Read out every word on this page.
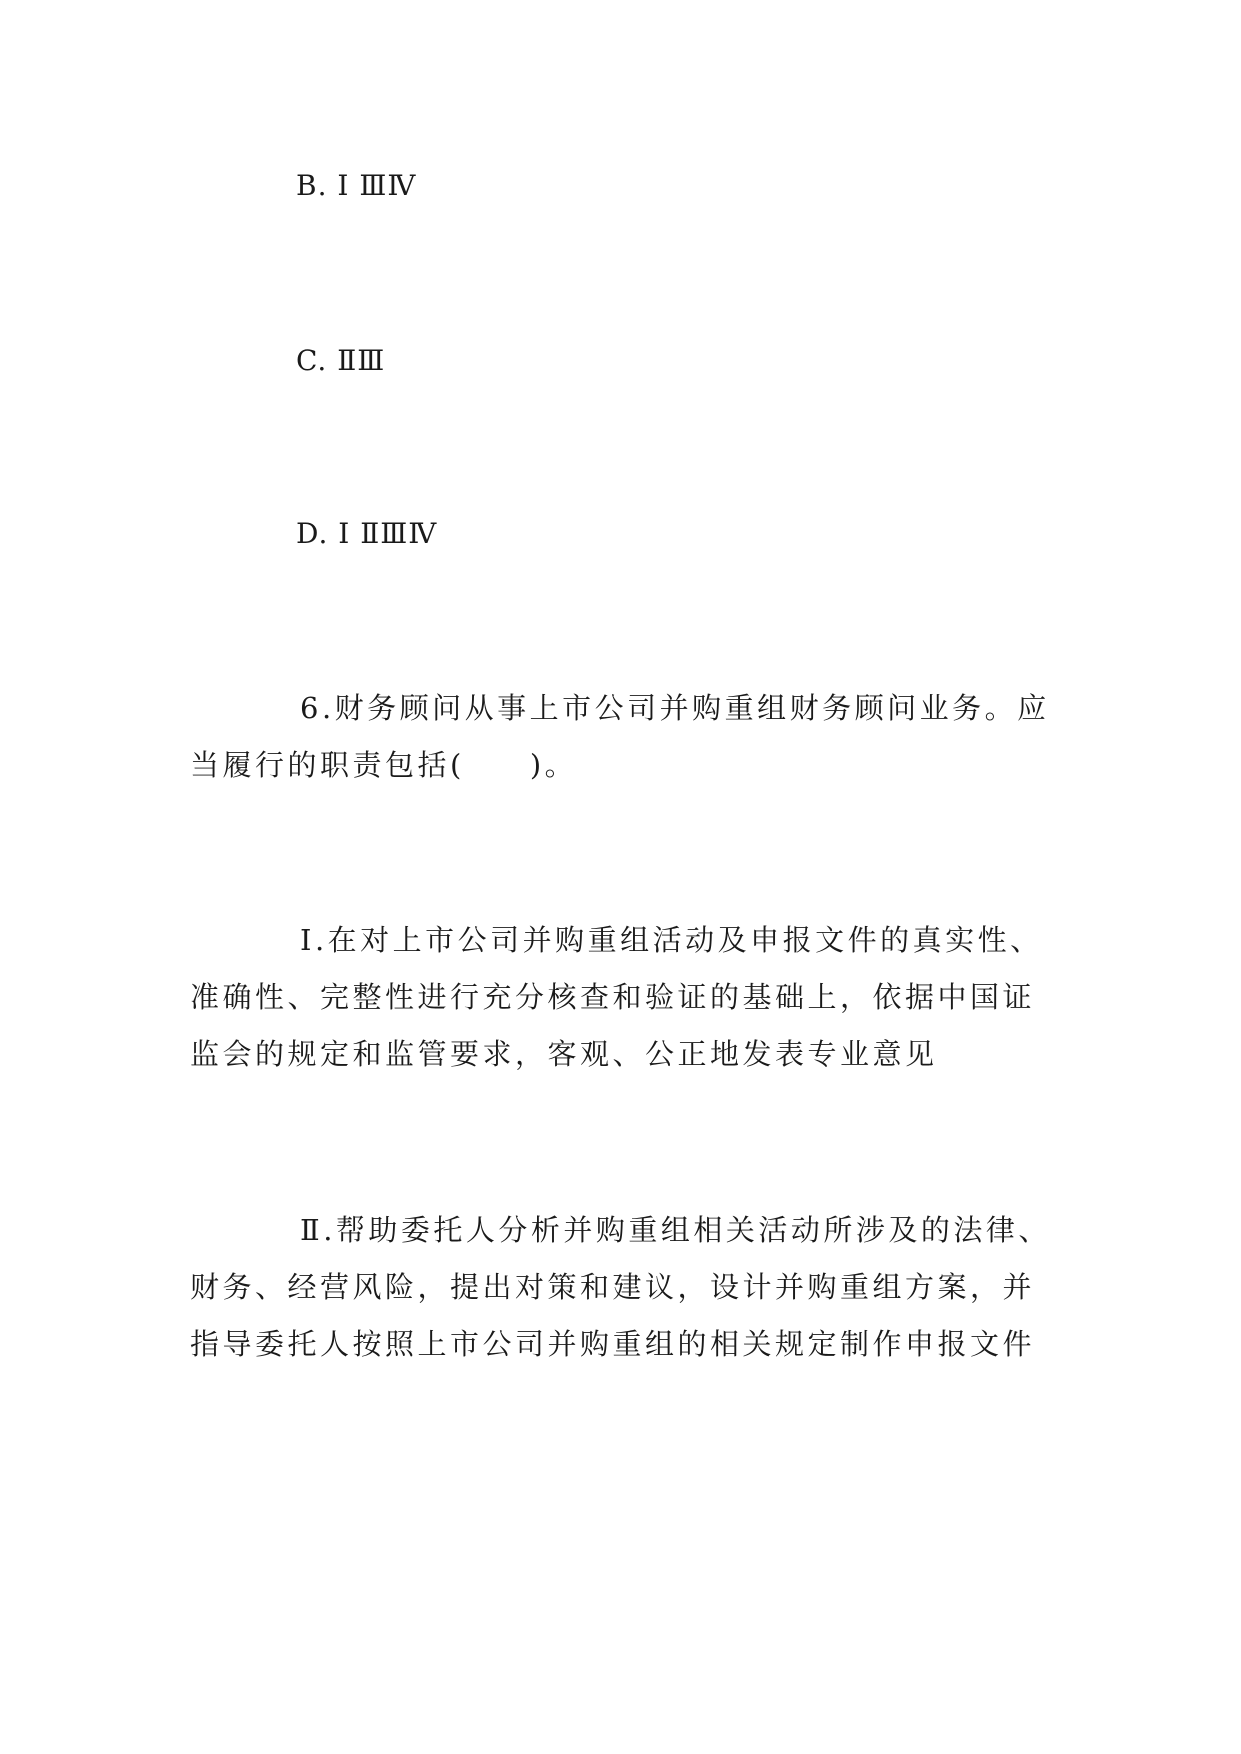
B. Ⅰ ⅢⅣ
C. ⅡⅢ
D. Ⅰ ⅡⅢⅣ

6.财务顾问从事上市公司并购重组财务顾问业务。应当履行的职责包括(　　)。

Ⅰ.在对上市公司并购重组活动及申报文件的真实性、准确性、完整性进行充分核查和验证的基础上，依据中国证监会的规定和监管要求，客观、公正地发表专业意见

Ⅱ.帮助委托人分析并购重组相关活动所涉及的法律、财务、经营风险，提出对策和建议，设计并购重组方案，并指导委托人按照上市公司并购重组的相关规定制作申报文件
